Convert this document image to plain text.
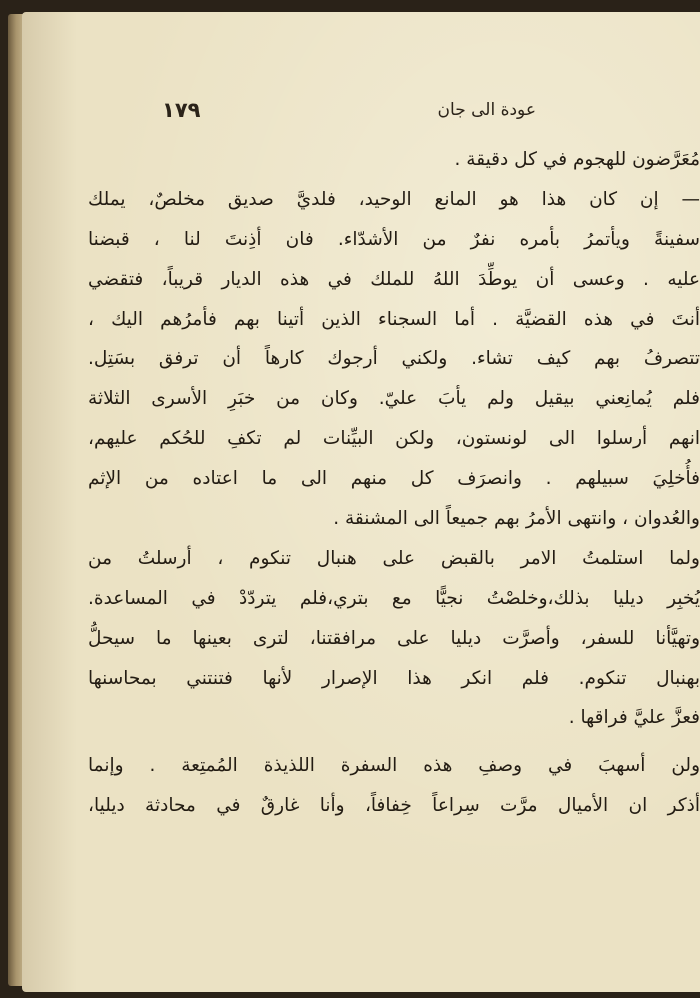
عودة الى جان
١٧٩
مُعَرَّضون للهجوم في كل دقيقة .
— إن كان هذا هو المانع الوحيد، فلديَّ صديق مخلصٌ، يملك
سفينةً ويأتمرُ بأمره نفرٌ من الأشدّاء. فان أذِنتَ لنا ، قبضنا
عليه . وعسى أن يوطِّدَ اللهُ للملك في هذه الديار قريباً، فتقضي
أنتَ في هذه القضيَّة . أما السجناء الذين أتينا بهم فأمرُهم اليك ،
تتصرفُ بهم كيف تشاء. ولكني أرجوك كارهاً أن ترفق بسَتِل.
فلم يُمانِعني بيقيل ولم يأبَ عليّ. وكان من خبَرِ الأسرى الثلاثة
انهم أرسلوا الى لونستون، ولكن البيِّنات لم تكفِ للحُكم عليهم،
فأُخلِيَ سبيلهم . وانصرَف كل منهم الى ما اعتاده من الإثم
والعُدوان ، وانتهى الأمرُ بهم جميعاً الى المشنقة .
ولما استلمتُ الامر بالقبض على هنبال تنكوم ، أرسلتُ من
يُخبِر ديليا بذلك،وخلصْتُ نجيًّا مع بتري،فلم يتردّدْ في المساعدة.
وتهيَّأنا للسفر، وأصرَّت ديليا على مرافقتنا، لترى بعينها ما سيحلُّ
بهنبال تنكوم. فلم انكر هذا الإصرار لأنها فتنتني بمحاسنها
فعزَّ عليَّ فراقها .
ولن أسهبَ في وصفِ هذه السفرة اللذيذة المُمتِعة . وإنما
أذكر ان الأميال مرَّت سِراعاً خِفافاً، وأنا غارقٌ في محادثة ديليا،
